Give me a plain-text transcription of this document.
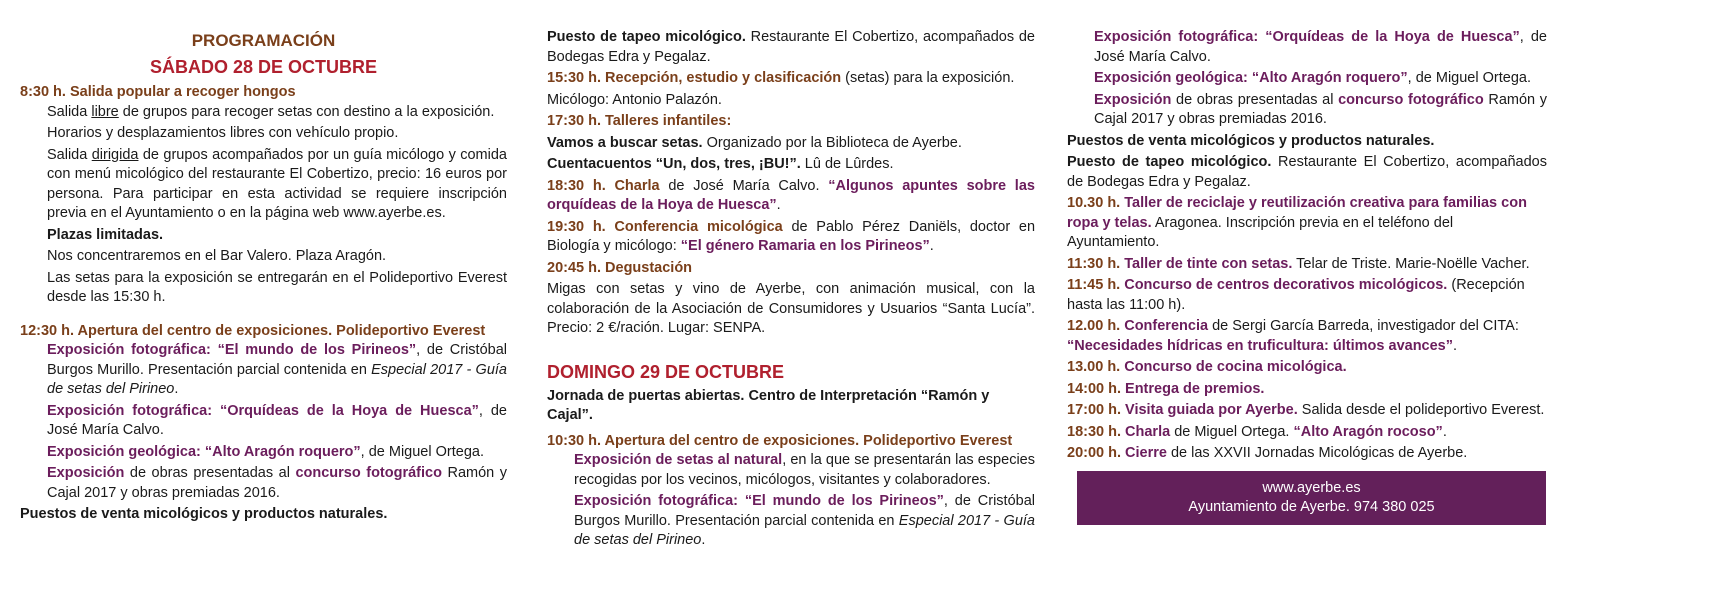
PROGRAMACIÓN

SÁBADO 28 DE OCTUBRE

8:30 h. Salida popular a recoger hongos

Salida libre de grupos para recoger setas con destino a la exposición.

Horarios y desplazamientos libres con vehículo propio.

Salida dirigida de grupos acompañados por un guía micólogo y comida con menú micológico del restaurante El Cobertizo, precio: 16 euros por persona. Para participar en esta actividad se requiere inscripción previa en el Ayuntamiento o en la página web www.ayerbe.es.

Plazas limitadas.

Nos concentraremos en el Bar Valero. Plaza Aragón.

Las setas para la exposición se entregarán en el Polideportivo Everest desde las 15:30 h.

12:30 h. Apertura del centro de exposiciones. Polideportivo Everest

Exposición fotográfica: “El mundo de los Pirineos”, de Cristóbal Burgos Murillo. Presentación parcial contenida en Especial 2017 - Guía de setas del Pirineo.

Exposición fotográfica: “Orquídeas de la Hoya de Huesca”, de José María Calvo.

Exposición geológica: “Alto Aragón roquero”, de Miguel Ortega.

Exposición de obras presentadas al concurso fotográfico Ramón y Cajal 2017 y obras premiadas 2016.

Puestos de venta micológicos y productos naturales.

Puesto de tapeo micológico. Restaurante El Cobertizo, acompañados de Bodegas Edra y Pegalaz.

15:30 h. Recepción, estudio y clasificación (setas) para la exposición.

Micólogo: Antonio Palazón.

17:30 h. Talleres infantiles:

Vamos a buscar setas. Organizado por la Biblioteca de Ayerbe.

Cuentacuentos “Un, dos, tres, ¡BU!”. Lû de Lûrdes.

18:30 h. Charla de José María Calvo. “Algunos apuntes sobre las orquídeas de la Hoya de Huesca”.

19:30 h. Conferencia micológica de Pablo Pérez Daniëls, doctor en Biología y micólogo: “El género Ramaria en los Pirineos”.

20:45 h. Degustación

Migas con setas y vino de Ayerbe, con animación musical, con la colaboración de la Asociación de Consumidores y Usuarios “Santa Lucía”. Precio: 2 €/ración. Lugar: SENPA.

DOMINGO 29 DE OCTUBRE

Jornada de puertas abiertas. Centro de Interpretación “Ramón y Cajal”.

10:30 h. Apertura del centro de exposiciones. Polideportivo Everest

Exposición de setas al natural, en la que se presentarán las especies recogidas por los vecinos, micólogos, visitantes y colaboradores.

Exposición fotográfica: “El mundo de los Pirineos”, de Cristóbal Burgos Murillo. Presentación parcial contenida en Especial 2017 - Guía de setas del Pirineo.

Exposición fotográfica: “Orquídeas de la Hoya de Huesca”, de José María Calvo.

Exposición geológica: “Alto Aragón roquero”, de Miguel Ortega.

Exposición de obras presentadas al concurso fotográfico Ramón y Cajal 2017 y obras premiadas 2016.

Puestos de venta micológicos y productos naturales.

Puesto de tapeo micológico. Restaurante El Cobertizo, acompañados de Bodegas Edra y Pegalaz.

10.30 h. Taller de reciclaje y reutilización creativa para familias con ropa y telas. Aragonea. Inscripción previa en el teléfono del Ayuntamiento.

11:30 h. Taller de tinte con setas. Telar de Triste. Marie-Noëlle Vacher.

11:45 h. Concurso de centros decorativos micológicos. (Recepción hasta las 11:00 h).

12.00 h. Conferencia de Sergi García Barreda, investigador del CITA: “Necesidades hídricas en truficultura: últimos avances”.

13.00 h. Concurso de cocina micológica.

14:00 h. Entrega de premios.

17:00 h. Visita guiada por Ayerbe. Salida desde el polideportivo Everest.

18:30 h. Charla de Miguel Ortega. “Alto Aragón rocoso”.

20:00 h. Cierre de las XXVII Jornadas Micológicas de Ayerbe.

www.ayerbe.es
Ayuntamiento de Ayerbe. 974 380 025
